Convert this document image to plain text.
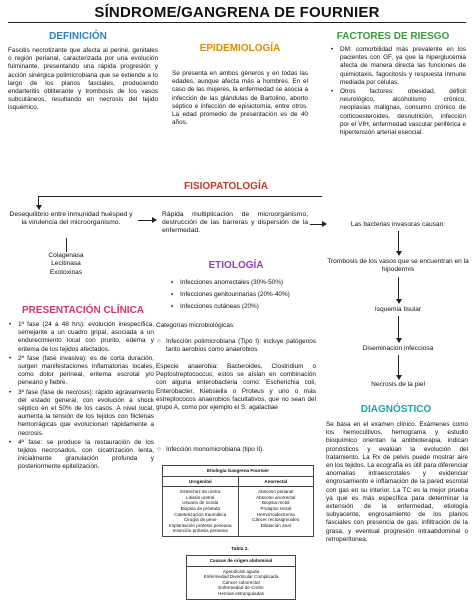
SÍNDROME/GANGRENA DE FOURNIER
DEFINICIÓN
Fascitis necrotizante que afecta al periné, genitales o región perianal, caracterizada por una evolución fulminante, presentando una rápida progresión y acción sinérgica polimicrobiana que se extiende a lo largo de los planos fasciales, produciendo endarteritis obliterante y trombosis de los vasos subcutáneos, resultando en necrosis del tejido isquémico.
EPIDEMIOLOGÍA
Se presenta en ambos géneros y en todas las edades, aunque afecta más a hombres. En el caso de las mujeres, la enfermedad se asocia a infección de las glándulas de Bartolino, aborto séptico e infección de episiotomía, entre otros. La edad promedio de presentación es de 40 años.
FACTORES DE RIESGO
• DM: comorbilidad más prevalente en los pacientes con GF, ya que la hiperglucemia afecta de manera directa las funciones de quimiotaxis, fagocitosis y respuesta inmune mediada por células.
• Otros factores: obesidad, déficit neurológico, alcoholismo crónico, neoplasias malignas, consumo crónico de corticoesteroides, desnutrición, infección por el VIH, enfermedad vascular periférica e hipertensión arterial esencial.
FISIOPATOLOGÍA
Desequilibrio entre inmunidad huésped y la virulencia del microorganismo.
Rápida multiplicación de microorganismo, destrucción de las barreras y dispersión de la enfermedad.
Colagenasa
Lecitinasa
Exotoxinas
Las bacterias invasoras causan:
Trombosis de los vasos que se encuentran en la hipodermis
Isquemia tisular
Diseminación infecciosa
Necrosis de la piel
PRESENTACIÓN CLÍNICA
• 1ª fase (24 a 48 hrs): evolución inespecífica, semejante a un cuadro gripal, asociada a un endurecimiento local con prurito, edema y eritema de los tejidos afectados.
• 2ª fase (fase invasiva): es de corta duración, surgen manifestaciones inflamatorias locales, como dolor perineal, eritema escrotal y/o peneano y fiebre.
• 3ª fase (fase de necrosis): rápido agravamiento del estado general, con evolución a shock séptico en el 50% de los casos. A nivel local, aumenta la tensión de los tejidos con flictenas hemorrágicas que evolucionan rápidamente a necrosis.
• 4ª fase: se produce la restauración de los tejidos necrosados, con cicatrización lenta, inicialmente granulación profunda y posteriormente epitelización.
ETIOLOGÍA
▪ Infecciones anorrectales (30%-50%)
▪ Infecciones genitourinarias (20%-40%)
▪ Infecciones cutáneas (20%)
Categorías microbiológicas:
○ Infección polimicrobiana (Tipo I): incluye patógenos tanto aerobios como anaerobios
Especie anaerobia: Bacteroides, Clostridium o Peptostreptococcus; estos se aíslan en combinación con alguna enterobacteria como: Escherichia coli, Enterobacter, Klebsiella o Proteus y uno o más estreptococos anaerobios facultativos, que no sean del grupo A, como por ejemplo el S. agalactiae
○ Infección monomicrobiana (tipo II).
Etiología Gangrena Fournier
Urogenital	Anorrectal
Estrechez de uretra
Litiasis uretral
Usuario de sonda
Biopsia de próstata
Cateterización traumática
Cirugía de pene
Implantación prótesis peneana
Inserción prótesis peneana
Absceso perianal
Absceso anorrectal
Biopsia rectal
Prolapso rectal
Hemorroidectomía
Cáncer rectosigmoideo
Dilatación anal
Tabla 2.
Causas de origen abdominal
Apendicitis aguda
Enfermedad Diverticular Complicada
Cáncer colorrectal
Enfermedad de Crohn
Hernias estranguladas
DIAGNÓSTICO
Se basa en el examen clínico. Exámenes como los hemocultivos, hemograma y estudio bioquímico orientan la antibioterapia, indican pronósticos y evalúan la evolución del tratamiento. La Rx de pelvis puede mostrar aire en los tejidos. La ecografía es útil para diferenciar anomalías intraescrotales y evidenciar engrosamiento e inflamación de la pared escrotal con gas en su interior. La TC es la mejor prueba ya que es más específica para determinar la extensión de la enfermedad, etiología subyacente, engrosamiento de los planos fasciales con presencia de gas, infiltración de la grasa, y eventual progresión intraabdominal o retroperitonea.
